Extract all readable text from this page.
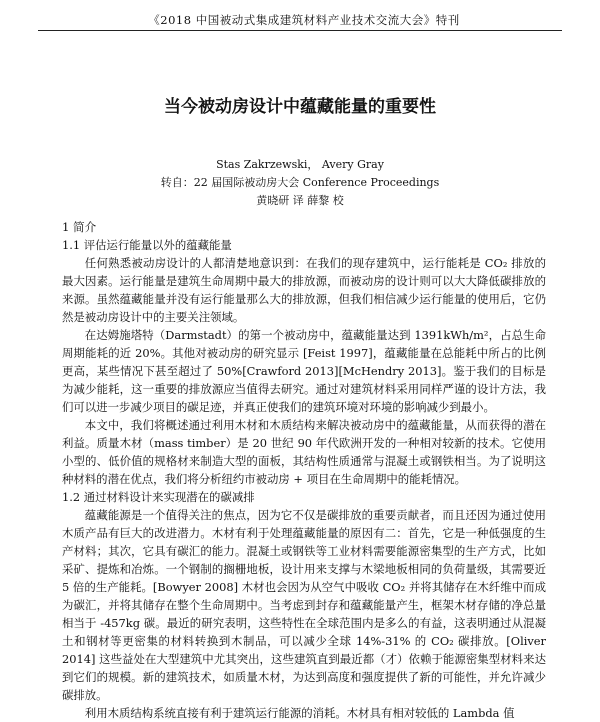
《2018 中国被动式集成建筑材料产业技术交流大会》特刊
当今被动房设计中蕴藏能量的重要性
Stas Zakrzewski， Avery Gray
转自：22 届国际被动房大会 Conference Proceedings
黄晓研 译 薛黎 校

1 简介

1.1 评估运行能量以外的蕴藏能量

任何熟悉被动房设计的人都清楚地意识到：在我们的现存建筑中，运行能耗是 CO₂ 排放的最大因素。运行能量是建筑生命周期中最大的排放源，而被动房的设计则可以大大降低碳排放的来源。虽然蕴藏能量并没有运行能量那么大的排放源，但我们相信减少运行能量的使用后，它仍然是被动房设计中的主要关注领域。

在达姆施塔特（Darmstadt）的第一个被动房中，蕴藏能量达到 1391kWh/m²，占总生命周期能耗的近 20%。其他对被动房的研究显示 [Feist 1997]，蕴藏能量在总能耗中所占的比例更高，某些情况下甚至超过了 50%[Crawford 2013][McHendry 2013]。鉴于我们的目标是为减少能耗，这一重要的排放源应当值得去研究。通过对建筑材料采用同样严谨的设计方法，我们可以进一步减少项目的碳足迹，并真正使我们的建筑环境对环境的影响减少到最小。

本文中，我们将概述通过利用木材和木质结构来解决被动房中的蕴藏能量，从而获得的潜在利益。质量木材（mass timber）是 20 世纪 90 年代欧洲开发的一种相对较新的技术。它使用小型的、低价值的规格材来制造大型的面板，其结构性质通常与混凝土或钢铁相当。为了说明这种材料的潜在优点，我们将分析纽约市被动房 + 项目在生命周期中的能耗情况。

1.2 通过材料设计来实现潜在的碳减排

蕴藏能源是一个值得关注的焦点，因为它不仅是碳排放的重要贡献者，而且还因为通过使用木质产品有巨大的改进潜力。木材有利于处理蕴藏能量的原因有二：首先，它是一种低强度的生产材料；其次，它具有碳汇的能力。混凝土或钢铁等工业材料需要能源密集型的生产方式，比如采矿、提炼和冶炼。一个钢制的搁栅地板，设计用来支撑与木梁地板相同的负荷量级，其需要近 5 倍的生产能耗。[Bowyer 2008] 木材也会因为从空气中吸收 CO₂ 并将其储存在木纤维中而成为碳汇，并将其储存在整个生命周期中。当考虑到封存和蕴藏能量产生，框架木材存储的净总量相当于 -457kg 碳。最近的研究表明，这些特性在全球范围内是多么的有益，这表明通过从混凝土和钢材等更密集的材料转换到木制品，可以减少全球 14%-31% 的 CO₂ 碳排放。[Oliver 2014] 这些益处在大型建筑中尤其突出，这些建筑直到最近都（才）依赖于能源密集型材料来达到它们的规模。新的建筑技术，如质量木材，为达到高度和强度提供了新的可能性，并允许减少碳排放。

利用木质结构系统直接有利于建筑运行能源的消耗。木材具有相对较低的 Lambda 值
